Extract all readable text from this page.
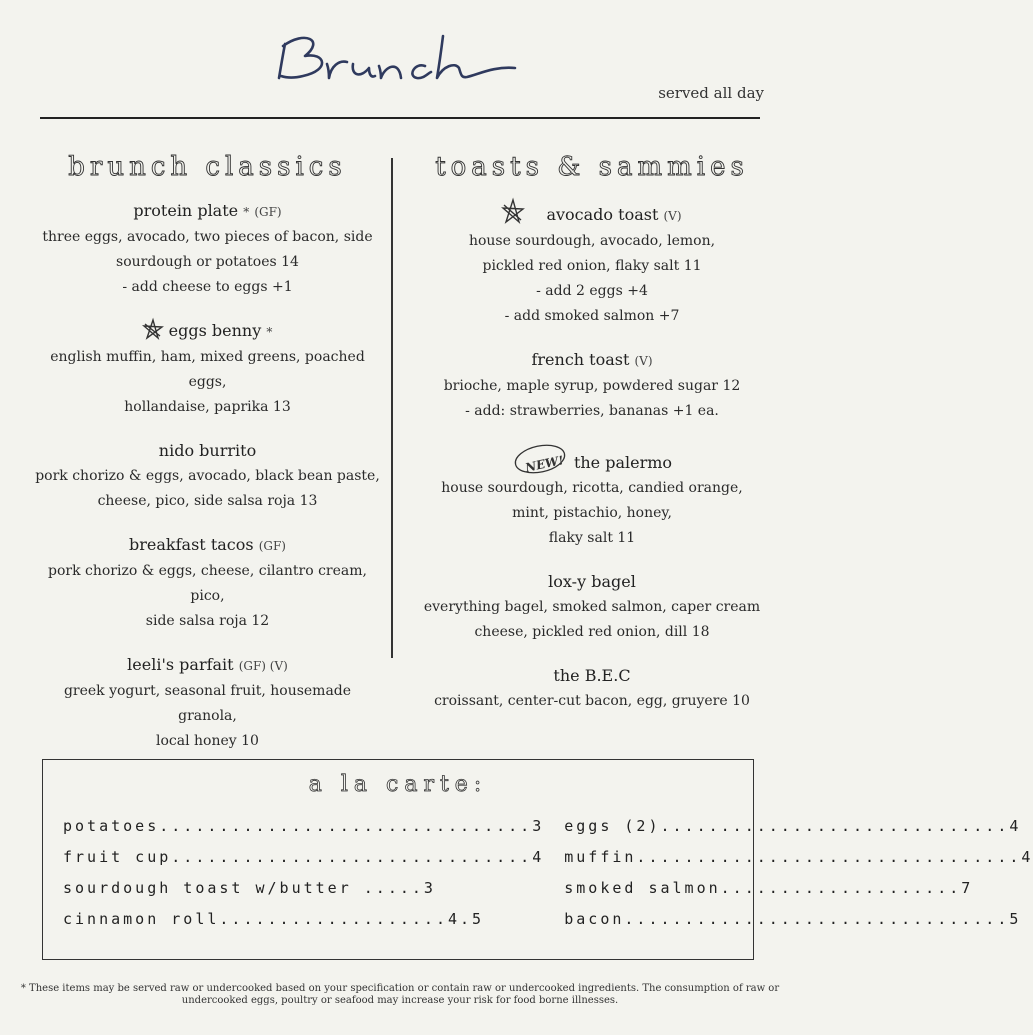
served all day
brunch classics
protein plate * (GF)
three eggs, avocado, two pieces of bacon, side
sourdough or potatoes 14
- add cheese to eggs +1
eggs benny *
english muffin, ham, mixed greens, poached eggs,
hollandaise, paprika 13
nido burrito
pork chorizo & eggs, avocado, black bean paste,
cheese, pico, side salsa roja 13
breakfast tacos (GF)
pork chorizo & eggs, cheese, cilantro cream, pico,
side salsa roja 12
leeli's parfait (GF) (V)
greek yogurt, seasonal fruit, housemade granola,
local honey 10
toasts & sammies
avocado toast (V)
house sourdough, avocado, lemon,
pickled red onion, flaky salt 11
- add 2 eggs +4
- add smoked salmon +7
french toast (V)
brioche, maple syrup, powdered sugar 12
- add: strawberries, bananas +1 ea.
NEW! the palermo
house sourdough, ricotta, candied orange,
mint, pistachio, honey,
flaky salt 11
lox-y bagel
everything bagel, smoked salmon, caper cream
cheese, pickled red onion, dill 18
the B.E.C
croissant, center-cut bacon, egg, gruyere 10
a la carte:
potatoes...............................3 eggs (2).............................4
fruit cup..............................4 muffin................................4
sourdough toast w/butter .....3	smoked salmon....................7
cinnamon roll...................4.5	bacon................................5
* These items may be served raw or undercooked based on your specification or contain raw or undercooked ingredients. The consumption of raw or undercooked eggs, poultry or seafood may increase your risk for food borne illnesses.
